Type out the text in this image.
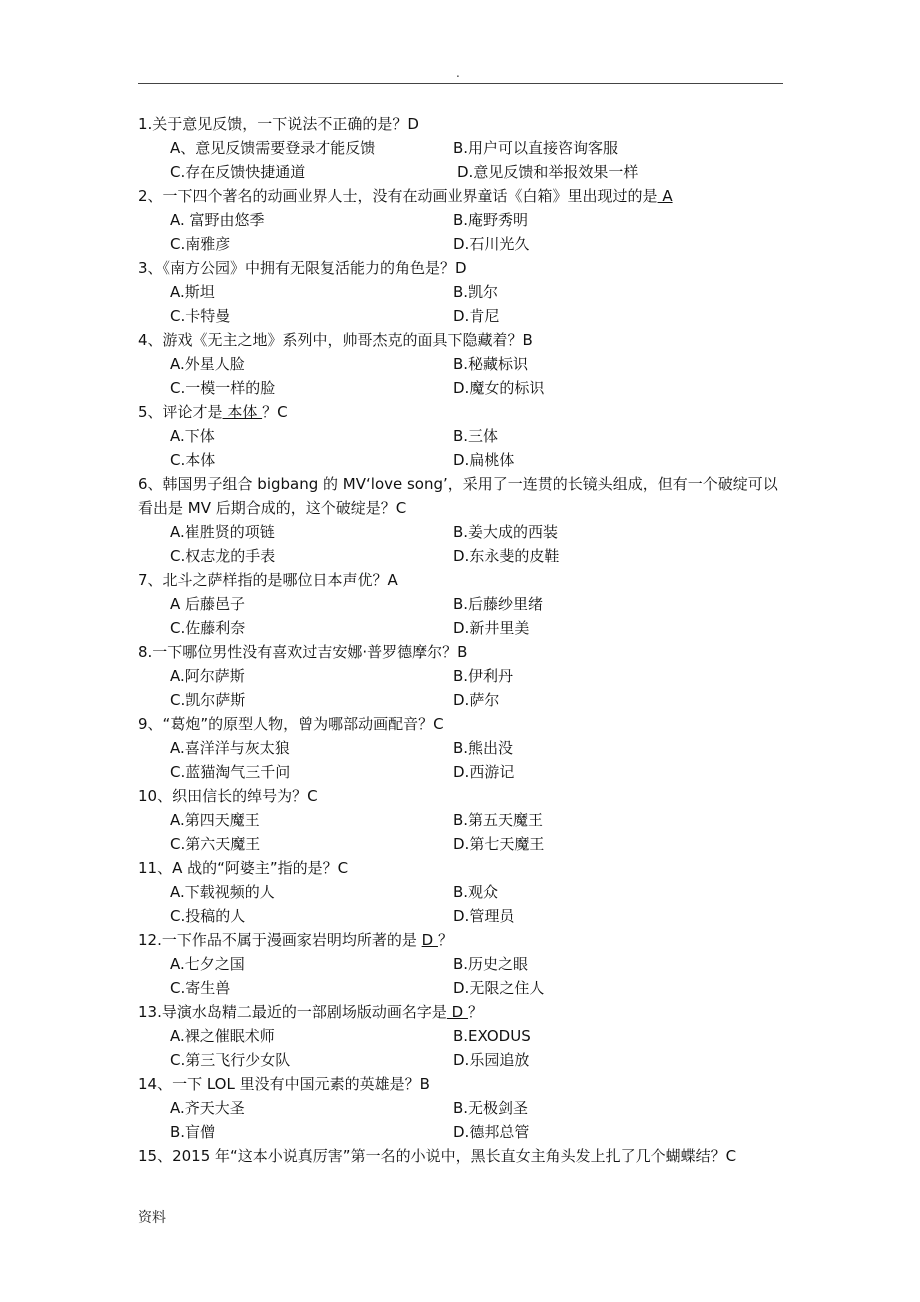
.
1.关于意见反馈，一下说法不正确的是？D
A、意见反馈需要登录才能反馈	B.用户可以直接咨询客服
C.存在反馈快捷通道	D.意见反馈和举报效果一样
2、一下四个著名的动画业界人士，没有在动画业界童话《白箱》里出现过的是 A
A. 富野由悠季	B.庵野秀明
C.南雅彦	D.石川光久
3、《南方公园》中拥有无限复活能力的角色是？D
A.斯坦	B.凯尔
C.卡特曼	D.肯尼
4、游戏《无主之地》系列中，帅哥杰克的面具下隐藏着？B
A.外星人脸	B.秘藏标识
C.一模一样的脸	D.魔女的标识
5、评论才是 本体 ？C
A.下体	B.三体
C.本体	D.扁桃体
6、韩国男子组合 bigbang 的 MV‘love song’，采用了一连贯的长镜头组成，但有一个破绽可以看出是 MV 后期合成的，这个破绽是？C
A.崔胜贤的项链	B.姜大成的西装
C.权志龙的手表	D.东永斐的皮鞋
7、北斗之萨样指的是哪位日本声优？A
A 后藤邑子	B.后藤纱里绪
C.佐藤利奈	D.新井里美
8.一下哪位男性没有喜欢过吉安娜·普罗德摩尔？B
A.阿尔萨斯	B.伊利丹
C.凯尔萨斯	D.萨尔
9、“葛炮”的原型人物，曾为哪部动画配音？C
A.喜洋洋与灰太狼	B.熊出没
C.蓝猫淘气三千问	D.西游记
10、织田信长的绰号为？C
A.第四天魔王	B.第五天魔王
C.第六天魔王	D.第七天魔王
11、A 战的“阿婆主”指的是？C
A.下载视频的人	B.观众
C.投稿的人	D.管理员
12.一下作品不属于漫画家岩明均所著的是 D ？
A.七夕之国	B.历史之眼
C.寄生兽	D.无限之住人
13.导演水岛精二最近的一部剧场版动画名字是 D ？
A.裸之催眠术师	B.EXODUS
C.第三飞行少女队	D.乐园追放
14、一下 LOL 里没有中国元素的英雄是？B
A.齐天大圣	B.无极剑圣
B.盲僧	D.德邦总管
15、2015 年“这本小说真厉害”第一名的小说中，黑长直女主角头发上扎了几个蝴蝶结？C
资料
